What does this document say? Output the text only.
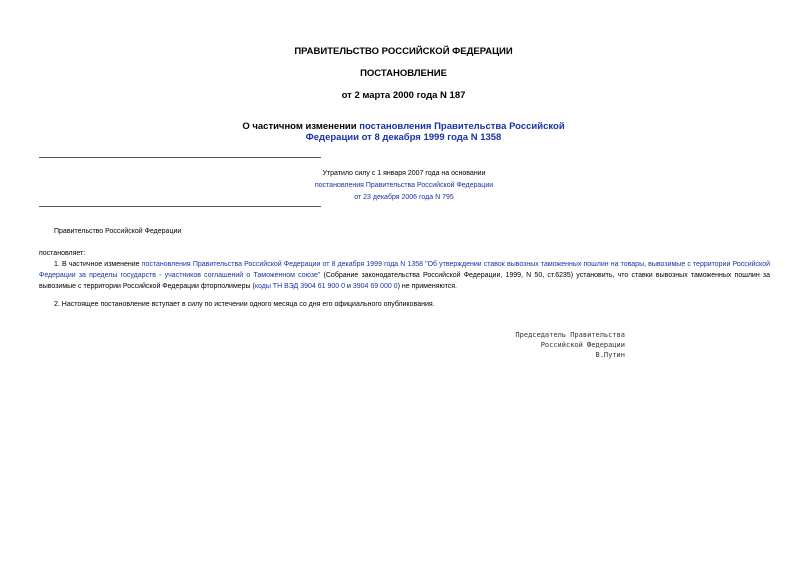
ПРАВИТЕЛЬСТВО РОССИЙСКОЙ ФЕДЕРАЦИИ
ПОСТАНОВЛЕНИЕ
от 2 марта 2000 года N 187
О частичном изменении постановления Правительства Российской
Федерации от 8 декабря 1999 года N 1358
Утратило силу с 1 января 2007 года на основании
постановления Правительства Российской Федерации
от 23 декабря 2006 года N 795
Правительство Российской Федерации
постановляет:
1. В частичное изменение постановления Правительства Российской Федерации от 8 декабря 1999 года N 1358 "Об утверждении ставок вывозных таможенных пошлин на товары, вывозимые с территории Российской Федерации за пределы государств - участников соглашений о Таможенном союзе" (Собрание законодательства Российской Федерации, 1999, N 50, ст.6235) установить, что ставки вывозных таможенных пошлин за вывозимые с территории Российской Федерации фторполимеры (коды ТН ВЭД 3904 61 900 0 и 3904 69 000 0) не применяются.
2. Настоящее постановление вступает в силу по истечении одного месяца со дня его официального опубликования.
Председатель Правительства
Российской Федерации
В.Путин
